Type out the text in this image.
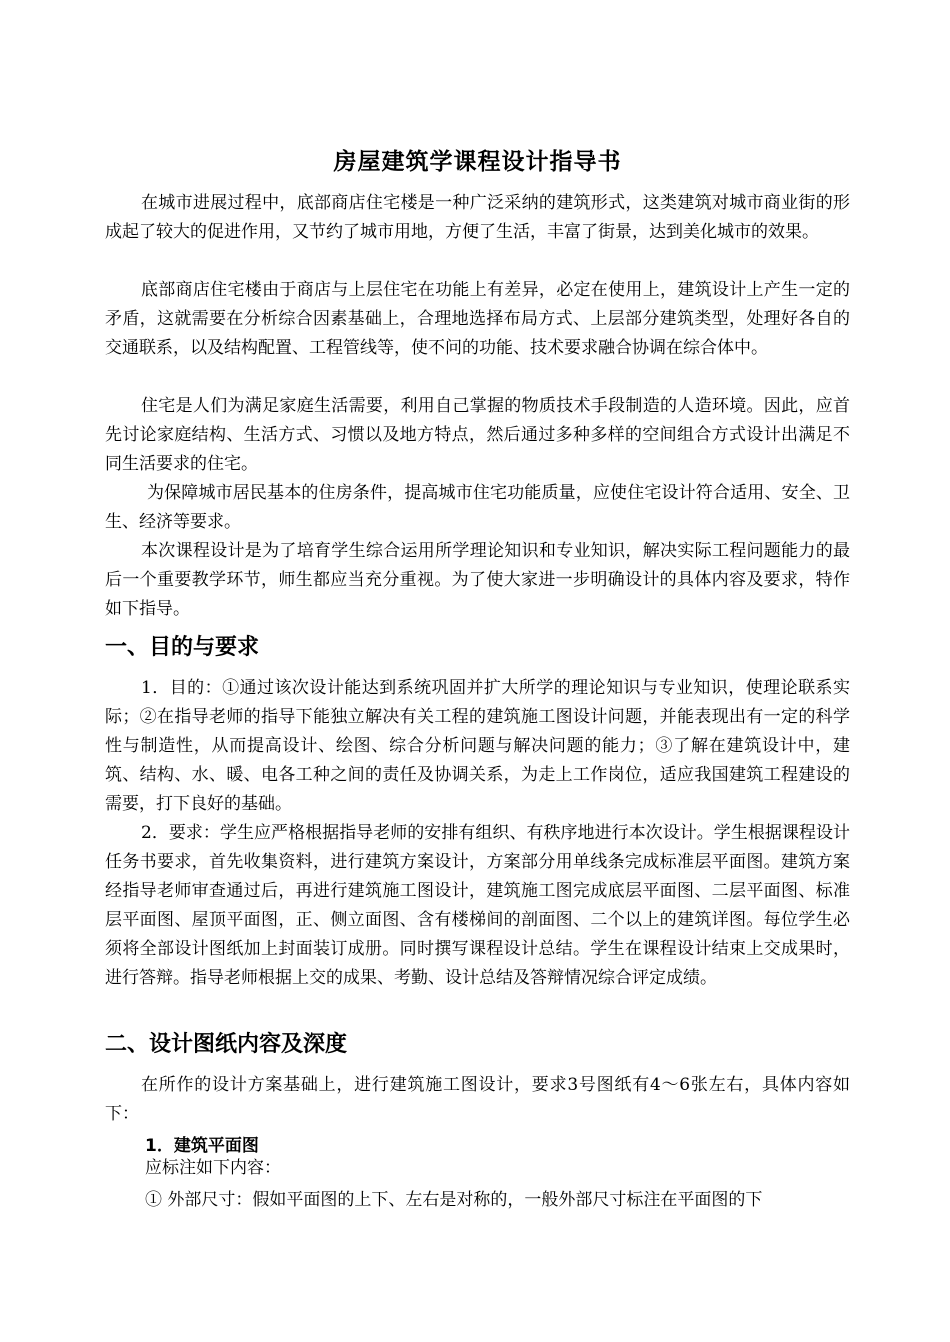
房屋建筑学课程设计指导书

在城市进展过程中，底部商店住宅楼是一种广泛采纳的建筑形式，这类建筑对城市商业街的形成起了较大的促进作用，又节约了城市用地，方便了生活，丰富了街景，达到美化城市的效果。

底部商店住宅楼由于商店与上层住宅在功能上有差异，必定在使用上，建筑设计上产生一定的矛盾，这就需要在分析综合因素基础上，合理地选择布局方式、上层部分建筑类型，处理好各自的交通联系，以及结构配置、工程管线等，使不问的功能、技术要求融合协调在综合体中。

住宅是人们为满足家庭生活需要，利用自己掌握的物质技术手段制造的人造环境。因此，应首先讨论家庭结构、生活方式、习惯以及地方特点，然后通过多种多样的空间组合方式设计出满足不同生活要求的住宅。

为保障城市居民基本的住房条件，提高城市住宅功能质量，应使住宅设计符合适用、安全、卫生、经济等要求。

本次课程设计是为了培育学生综合运用所学理论知识和专业知识，解决实际工程问题能力的最后一个重要教学环节，师生都应当充分重视。为了使大家进一步明确设计的具体内容及要求，特作如下指导。

一、目的与要求

1．目的：①通过该次设计能达到系统巩固并扩大所学的理论知识与专业知识，使理论联系实际；②在指导老师的指导下能独立解决有关工程的建筑施工图设计问题，并能表现出有一定的科学性与制造性，从而提高设计、绘图、综合分析问题与解决问题的能力；③了解在建筑设计中，建筑、结构、水、暖、电各工种之间的责任及协调关系，为走上工作岗位，适应我国建筑工程建设的需要，打下良好的基础。

2．要求：学生应严格根据指导老师的安排有组织、有秩序地进行本次设计。学生根据课程设计任务书要求，首先收集资料，进行建筑方案设计，方案部分用单线条完成标准层平面图。建筑方案经指导老师审查通过后，再进行建筑施工图设计，建筑施工图完成底层平面图、二层平面图、标准层平面图、屋顶平面图，正、侧立面图、含有楼梯间的剖面图、二个以上的建筑详图。每位学生必须将全部设计图纸加上封面装订成册。同时撰写课程设计总结。学生在课程设计结束上交成果时，进行答辩。指导老师根据上交的成果、考勤、设计总结及答辩情况综合评定成绩。

二、设计图纸内容及深度

在所作的设计方案基础上，进行建筑施工图设计，要求3号图纸有4～6张左右，具体内容如下：

1．建筑平面图

应标注如下内容：

① 外部尺寸：假如平面图的上下、左右是对称的，一般外部尺寸标注在平面图的下
